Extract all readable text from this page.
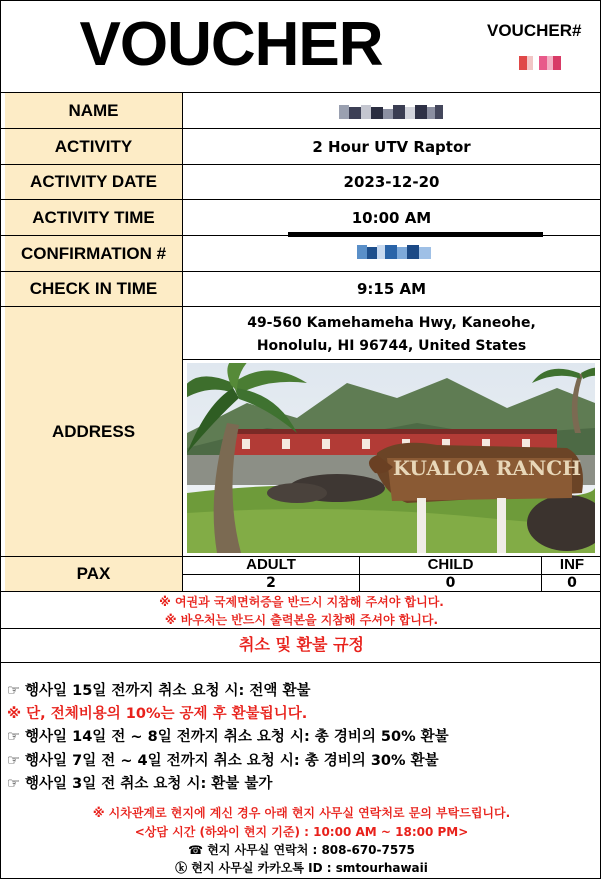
VOUCHER	VOUCHER#
NAME
ACTIVITY	2 Hour UTV Raptor
ACTIVITY DATE	2023-12-20
ACTIVITY TIME	10:00 AM
CONFIRMATION #
CHECK IN TIME	9:15 AM
ADDRESS
49-560 Kamehameha Hwy, Kaneohe,
Honolulu, HI 96744, United States
KUALOA RANCH
PAX	ADULT	CHILD	INF
2	0	0
※ 여권과 국제면허증을 반드시 지참해 주셔야 합니다.
※ 바우처는 반드시 출력본을 지참해 주셔야 합니다.
취소 및 환불 규정
☞ 행사일 15일 전까지 취소 요청 시: 전액 환불
※ 단, 전체비용의 10%는 공제 후 환불됩니다.
☞ 행사일 14일 전 ~ 8일 전까지 취소 요청 시: 총 경비의 50% 환불
☞ 행사일 7일 전 ~ 4일 전까지 취소 요청 시: 총 경비의 30% 환불
☞ 행사일 3일 전 취소 요청 시: 환불 불가
※ 시차관계로 현지에 계신 경우 아래 현지 사무실 연락처로 문의 부탁드립니다.
<상담 시간 (하와이 현지 기준) : 10:00 AM ~ 18:00 PM>
☎ 현지 사무실 연락처 : 808-670-7575
ⓚ 현지 사무실 카카오톡 ID : smtourhawaii
